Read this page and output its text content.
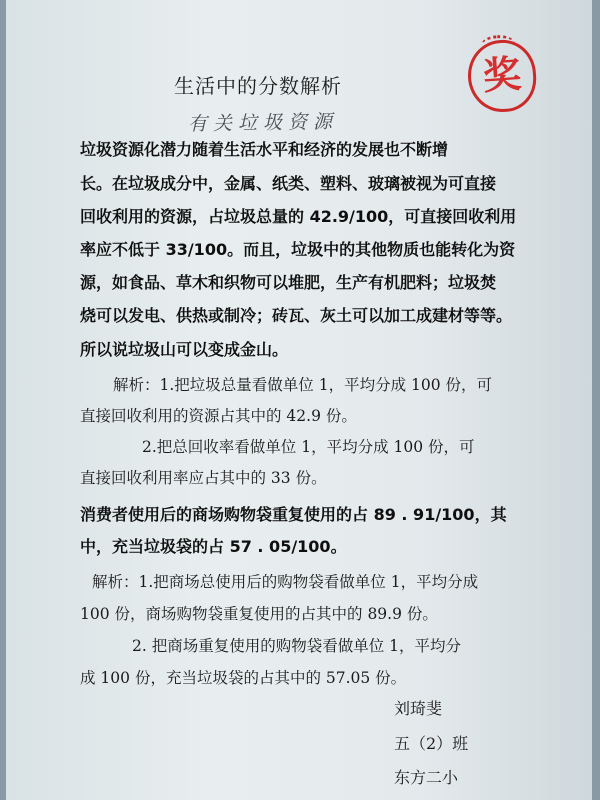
生活中的分数解析
有关垃圾资源
奖
垃圾资源化潜力随着生活水平和经济的发展也不断增
长。在垃圾成分中，金属、纸类、塑料、玻璃被视为可直接
回收利用的资源，占垃圾总量的 42.9/100，可直接回收利用
率应不低于 33/100。而且，垃圾中的其他物质也能转化为资
源，如食品、草木和织物可以堆肥，生产有机肥料；垃圾焚
烧可以发电、供热或制冷；砖瓦、灰土可以加工成建材等等。
所以说垃圾山可以变成金山。
解析：1.把垃圾总量看做单位 1，平均分成 100 份，可
直接回收利用的资源占其中的 42.9 份。
2.把总回收率看做单位 1，平均分成 100 份，可
直接回收利用率应占其中的 33 份。
消费者使用后的商场购物袋重复使用的占 89 . 91/100，其
中，充当垃圾袋的占 57 . 05/100。
解析：1.把商场总使用后的购物袋看做单位 1，平均分成
100 份，商场购物袋重复使用的占其中的 89.9 份。
2. 把商场重复使用的购物袋看做单位 1，平均分
成 100 份，充当垃圾袋的占其中的 57.05 份。
刘琦斐
五（2）班
东方二小
